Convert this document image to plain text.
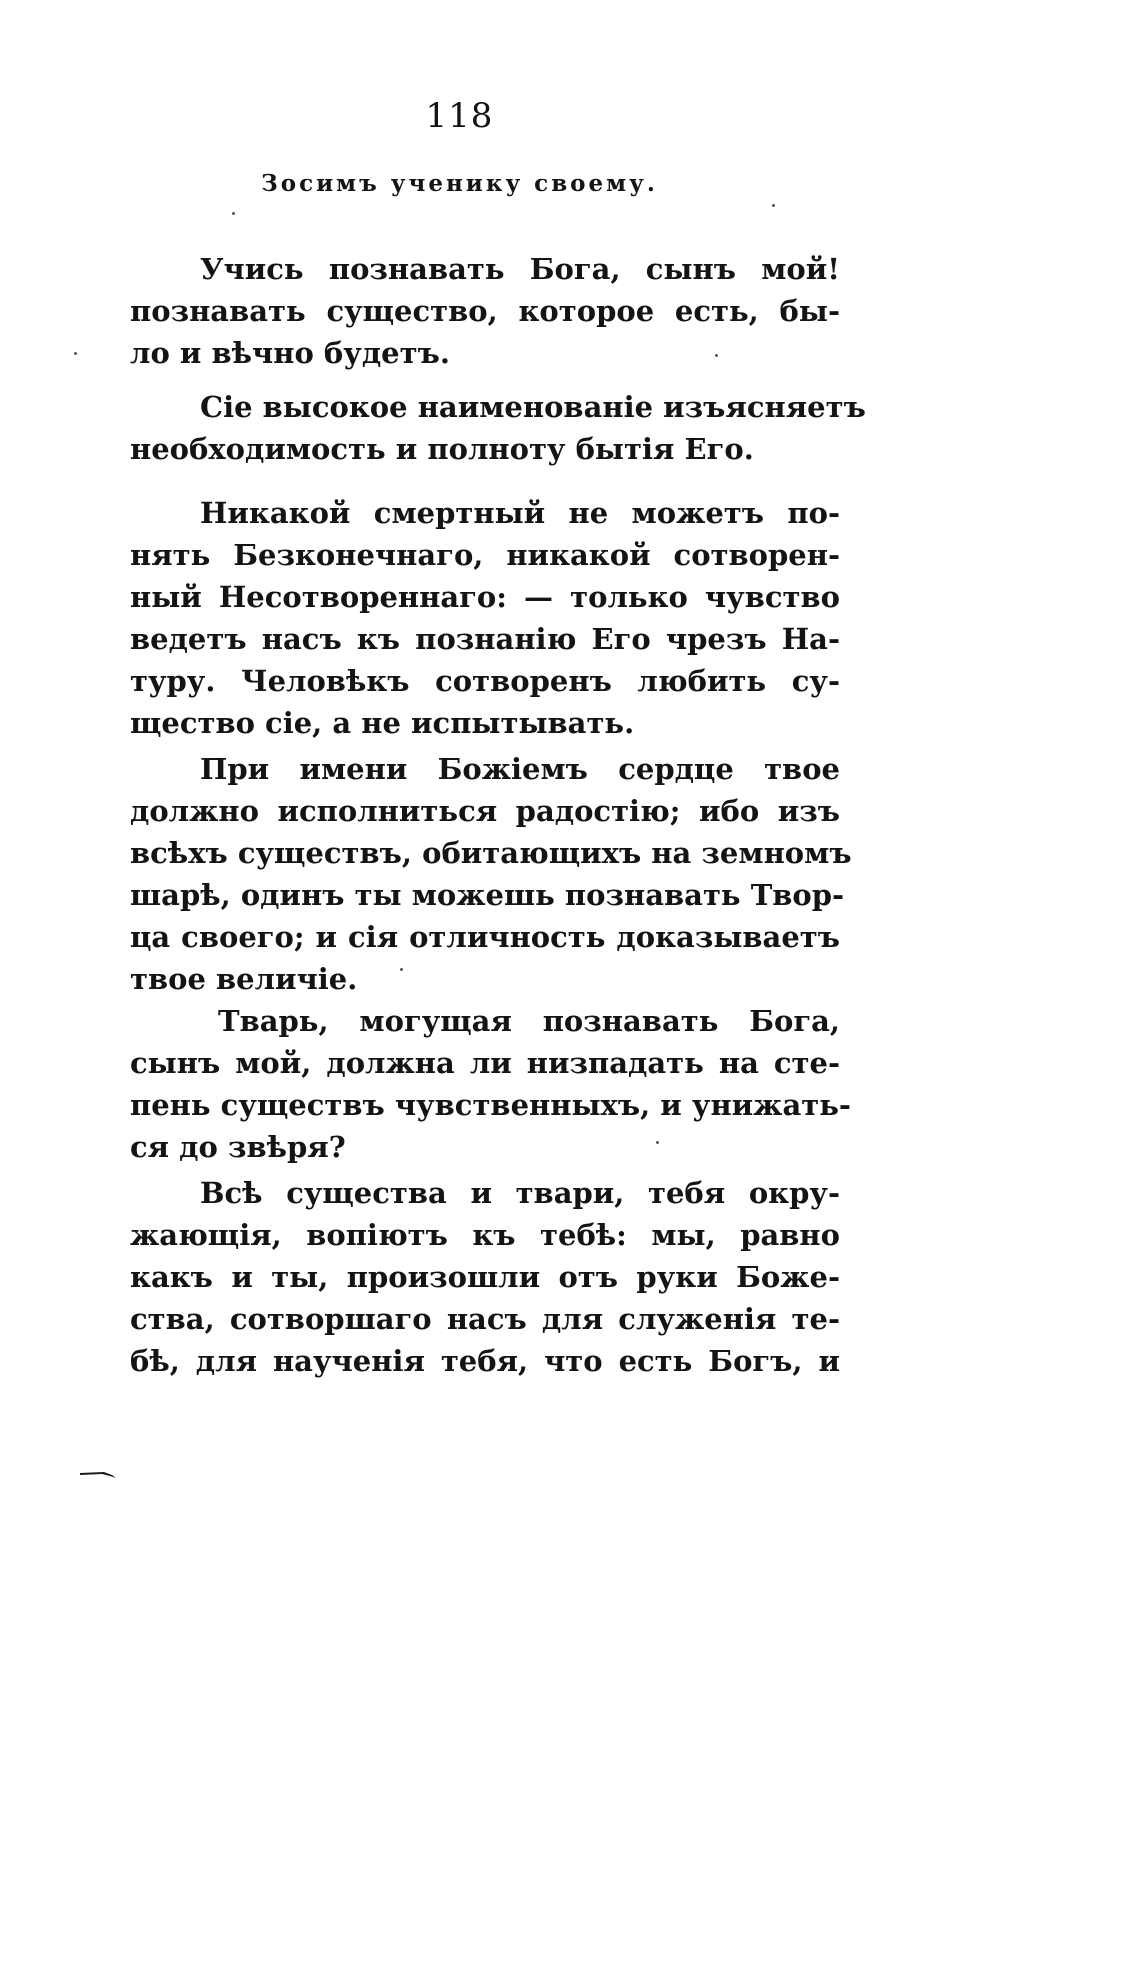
118
Зосимъ ученику своему.
Учись познавать Бога, сынъ мой!
познавать существо, которое есть, бы-
ло и вѣчно будетъ.
Сіе высокое наименованіе изъясняетъ
необходимость и полноту бытія Его.
Никакой смертный не можетъ по-
нять Безконечнаго, никакой сотворен-
ный Несотвореннаго: — только чувство
ведетъ насъ къ познанію Его чрезъ На-
туру. Человѣкъ сотворенъ любить су-
щество сіе, а не испытывать.
При имени Божіемъ сердце твое
должно исполниться радостію; ибо изъ
всѣхъ существъ, обитающихъ на земномъ
шарѣ, одинъ ты можешь познавать Твор-
ца своего; и сія отличность доказываетъ
твое величіе.
Тварь, могущая познавать Бога,
сынъ мой, должна ли низпадать на сте-
пень существъ чувственныхъ, и унижать-
ся до звѣря?
Всѣ существа и твари, тебя окру-
жающія, вопіютъ къ тебѣ: мы, равно
какъ и ты, произошли отъ руки Боже-
ства, сотворшаго насъ для служенія те-
бѣ, для наученія тебя, что есть Богъ, и
